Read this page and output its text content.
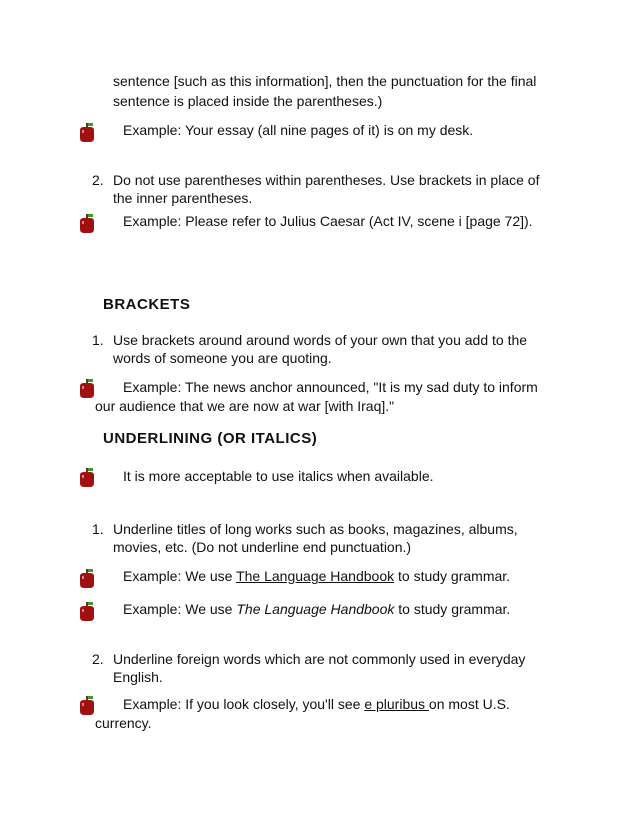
sentence [such as this information], then the punctuation for the final
sentence is placed inside the parentheses.)
Example: Your essay (all nine pages of it) is on my desk.
2. Do not use parentheses within parentheses. Use brackets in place of
the inner parentheses.
Example: Please refer to Julius Caesar (Act IV, scene i [page 72]).
BRACKETS
1. Use brackets around around words of your own that you add to the
words of someone you are quoting.
Example: The news anchor announced, "It is my sad duty to inform
our audience that we are now at war [with Iraq]."
UNDERLINING (OR ITALICS)
It is more acceptable to use italics when available.
1. Underline titles of long works such as books, magazines, albums,
movies, etc. (Do not underline end punctuation.)
Example: We use The Language Handbook to study grammar.
Example: We use The Language Handbook to study grammar.
2. Underline foreign words which are not commonly used in everyday
English.
Example: If you look closely, you'll see e pluribus on most U.S.
currency.
